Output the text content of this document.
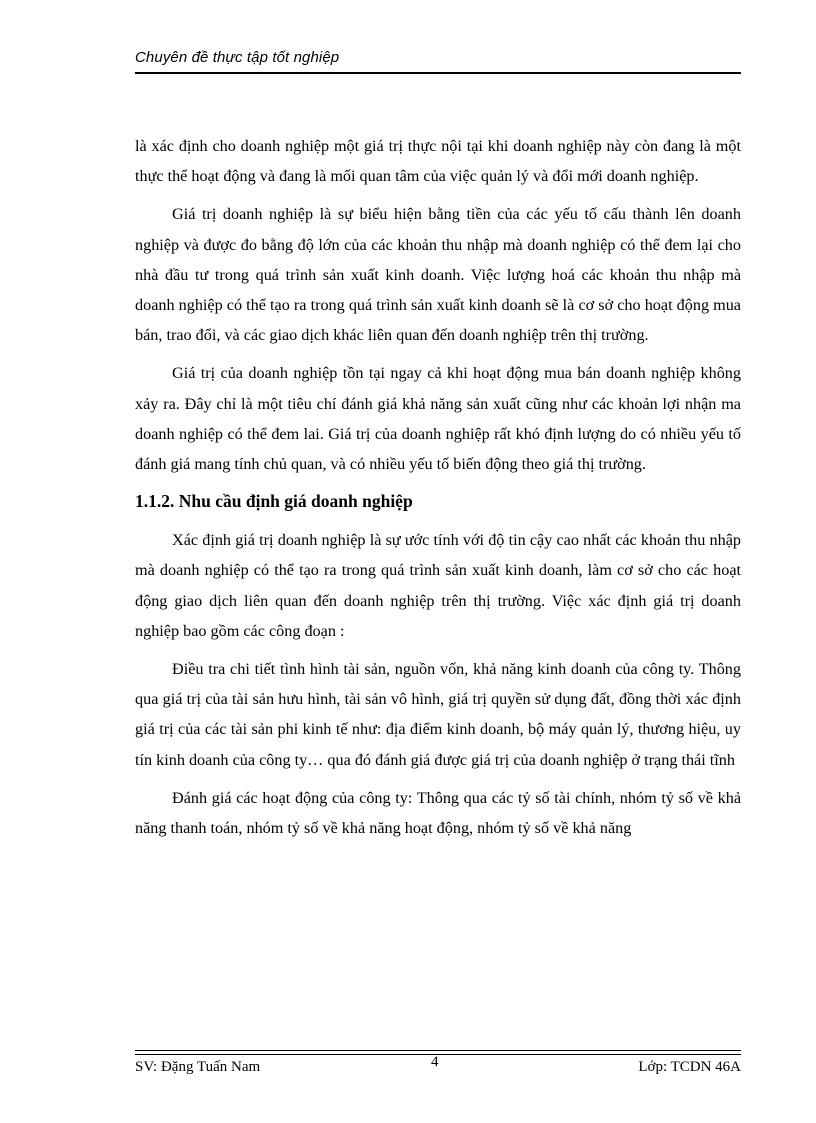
Chuyên đề thực tập tốt nghiệp

là xác định cho doanh nghiệp một giá trị thực nội tại khi doanh nghiệp này còn đang là một thực thể hoạt động và đang là mối quan tâm của việc quản lý và đổi mới doanh nghiệp.

Giá trị doanh nghiệp là sự biểu hiện bằng tiền của các yếu tố cấu thành lên doanh nghiệp và được đo bằng độ lớn của các khoản thu nhập mà doanh nghiệp có thể đem lại cho nhà đầu tư trong quá trình sản xuất kinh doanh. Việc lượng hoá các khoản thu nhập mà doanh nghiệp có thể tạo ra trong quá trình sản xuất kinh doanh sẽ là cơ sở cho hoạt động mua bán, trao đổi, và các giao dịch khác liên quan đến doanh nghiệp trên thị trường.

Giá trị của doanh nghiệp tồn tại ngay cả khi hoạt động mua bán doanh nghiệp không xảy ra. Đây chỉ là một tiêu chí đánh giá khả năng sản xuất cũng như các khoản lợi nhận ma doanh nghiệp có thể đem lai. Giá trị của doanh nghiệp rất khó định lượng do có nhiều yếu tố đánh giá mang tính chủ quan, và có nhiều yếu tố biến động theo giá thị trường.

1.1.2. Nhu cầu định giá doanh nghiệp

Xác định giá trị doanh nghiệp là sự ước tính với độ tin cậy cao nhất các khoản thu nhập mà doanh nghiệp có thể tạo ra trong quá trình sản xuất kinh doanh, làm cơ sở cho các hoạt động giao dịch liên quan đến doanh nghiệp trên thị trường. Việc xác định giá trị doanh nghiệp bao gồm các công đoạn :

Điều tra chi tiết tình hình tài sản, nguồn vốn, khả năng kinh doanh của công ty. Thông qua giá trị của tài sản hưu hình, tài sản vô hình, giá trị quyền sử dụng đất, đồng thời xác định giá trị của các tài sản phi kinh tế như: địa điểm kinh doanh, bộ máy quản lý, thương hiệu, uy tín kinh doanh của công ty… qua đó đánh giá được giá trị của doanh nghiệp ở trạng thái tĩnh

Đánh giá các hoạt động của công ty: Thông qua các tỷ số tài chính, nhóm tỷ số về khả năng thanh toán, nhóm tỷ số về khả năng hoạt động, nhóm tỷ số về khả năng

SV: Đặng Tuấn Nam	4	Lớp: TCDN 46A
